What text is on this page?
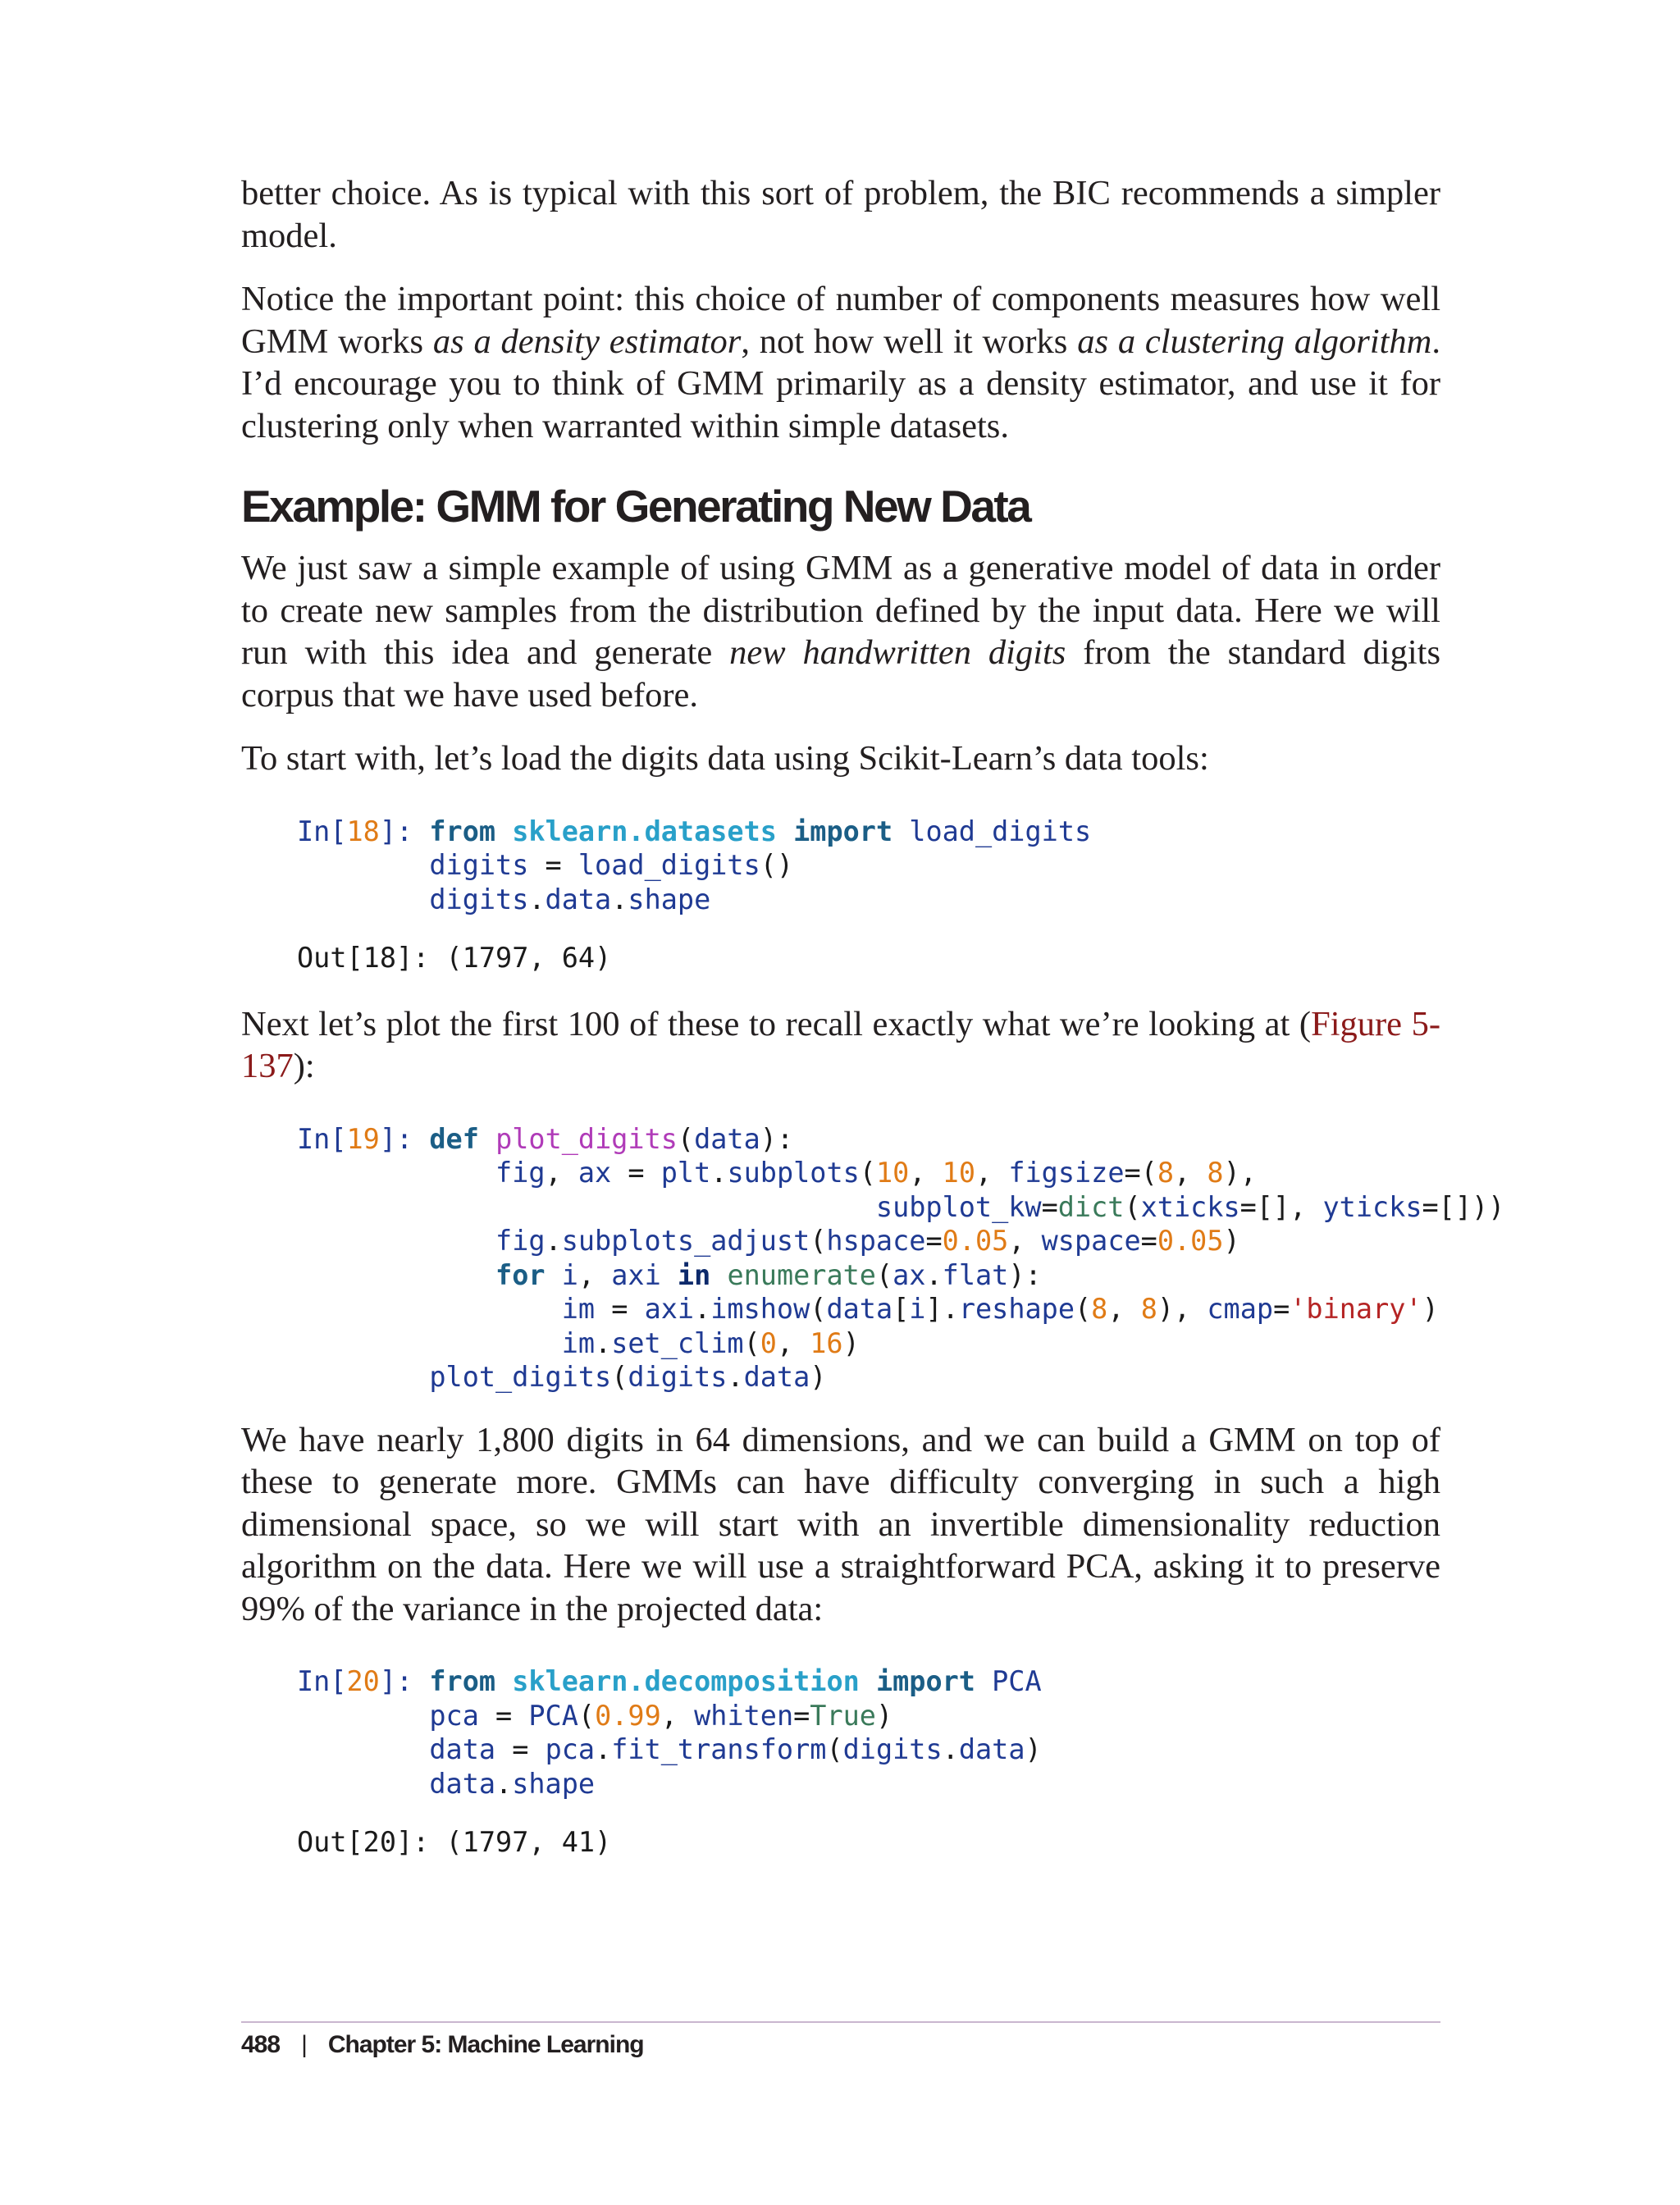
better choice. As is typical with this sort of problem, the BIC recommends a simpler model.

Notice the important point: this choice of number of components measures how well GMM works as a density estimator, not how well it works as a clustering algorithm. I’d encourage you to think of GMM primarily as a density estimator, and use it for clustering only when warranted within simple datasets.

Example: GMM for Generating New Data

We just saw a simple example of using GMM as a generative model of data in order to create new samples from the distribution defined by the input data. Here we will run with this idea and generate new handwritten digits from the standard digits corpus that we have used before.

To start with, let’s load the digits data using Scikit-Learn’s data tools:

In[18]: from sklearn.datasets import load_digits
digits = load_digits()
digits.data.shape
Out[18]: (1797, 64)

Next let’s plot the first 100 of these to recall exactly what we’re looking at (Figure 5-137):

In[19]: def plot_digits(data):
fig, ax = plt.subplots(10, 10, figsize=(8, 8),
subplot_kw=dict(xticks=[], yticks=[]))
fig.subplots_adjust(hspace=0.05, wspace=0.05)
for i, axi in enumerate(ax.flat):
im = axi.imshow(data[i].reshape(8, 8), cmap='binary')
im.set_clim(0, 16)
plot_digits(digits.data)

We have nearly 1,800 digits in 64 dimensions, and we can build a GMM on top of these to generate more. GMMs can have difficulty converging in such a high dimensional space, so we will start with an invertible dimensionality reduction algorithm on the data. Here we will use a straightforward PCA, asking it to preserve 99% of the variance in the projected data:

In[20]: from sklearn.decomposition import PCA
pca = PCA(0.99, whiten=True)
data = pca.fit_transform(digits.data)
data.shape
Out[20]: (1797, 41)
488 | Chapter 5: Machine Learning
